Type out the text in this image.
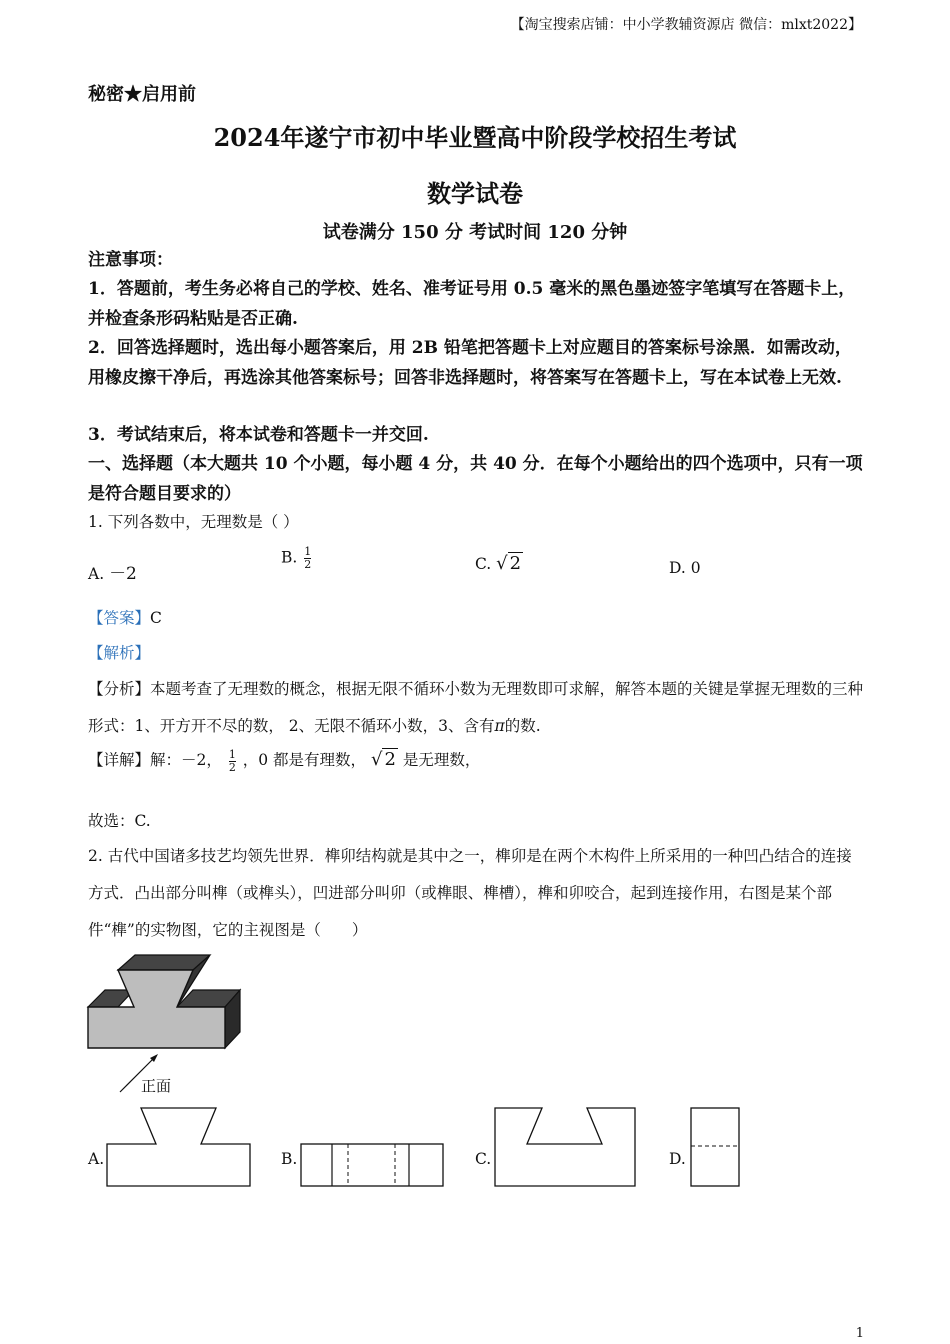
【淘宝搜索店铺：中小学教辅资源店 微信：mlxt2022】
秘密★启用前
2024年遂宁市初中毕业暨高中阶段学校招生考试
数学试卷
试卷满分 150 分 考试时间 120 分钟
注意事项：
1．答题前，考生务必将自己的学校、姓名、准考证号用 0.5 毫米的黑色墨迹签字笔填写在答题卡上，并检查条形码粘贴是否正确.
2．回答选择题时，选出每小题答案后，用 2B 铅笔把答题卡上对应题目的答案标号涂黑．如需改动，用橡皮擦干净后，再选涂其他答案标号；回答非选择题时，将答案写在答题卡上，写在本试卷上无效.
3．考试结束后，将本试卷和答题卡一并交回.
一、选择题（本大题共 10 个小题，每小题 4 分，共 40 分．在每个小题给出的四个选项中，只有一项是符合题目要求的）
1. 下列各数中，无理数是（ ）
A. －2
B. $\frac{1}{2}$	C. √ 2	D. 0
【答案】C
【解析】
【分析】本题考查了无理数的概念，根据无限不循环小数为无理数即可求解，解答本题的关键是掌握无理数的三种形式：1、开方开不尽的数， 2、无限不循环小数，3、含有π的数.
【详解】解：－2， $\frac{1}{2}$ ，0 都是有理数， √ 2 是无理数，
故选：C.
2. 古代中国诸多技艺均领先世界．榫卯结构就是其中之一，榫卯是在两个木构件上所采用的一种凹凸结合的连接方式．凸出部分叫榫（或榫头），凹进部分叫卯（或榫眼、榫槽），榫和卯咬合，起到连接作用，右图是某个部件“榫”的实物图，它的主视图是（　　）
正面
A.	B.	C.	D.
1
